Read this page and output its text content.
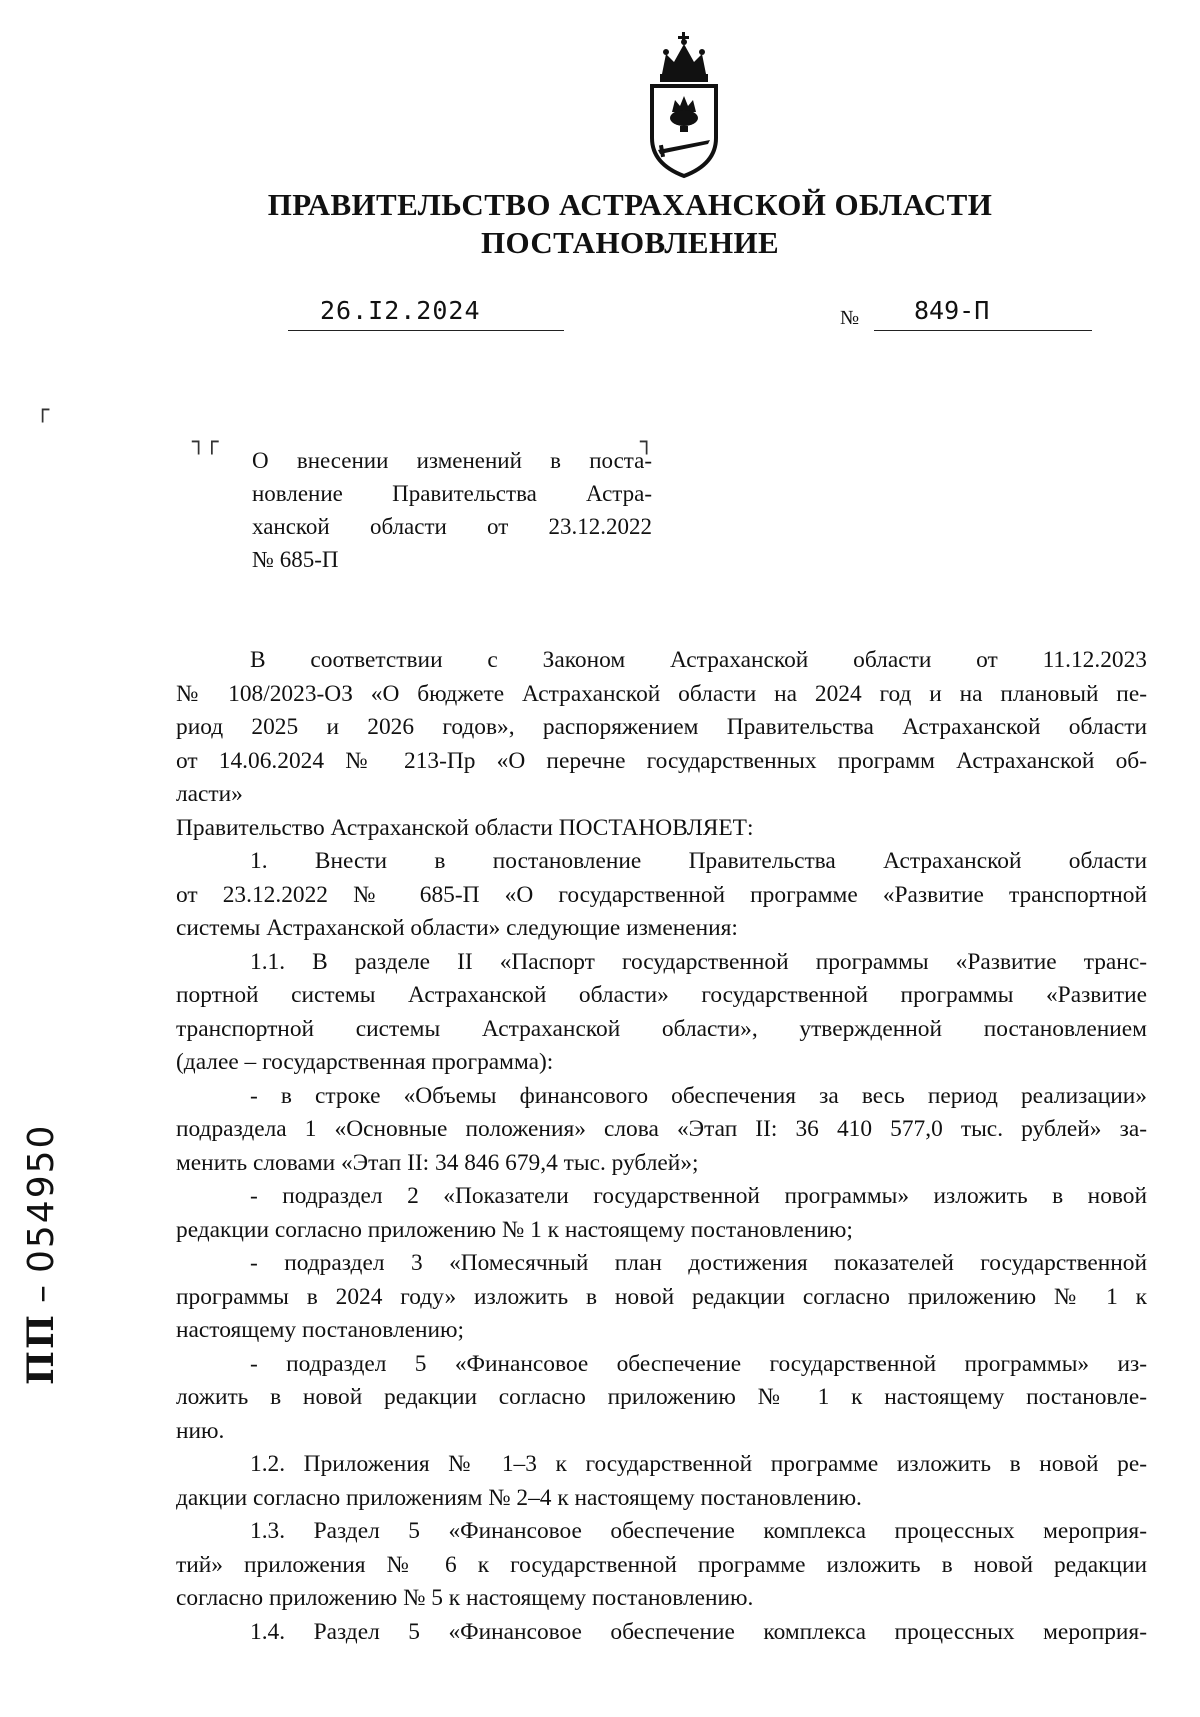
ПРАВИТЕЛЬСТВО АСТРАХАНСКОЙ ОБЛАСТИ
ПОСТАНОВЛЕНИЕ
26.I2.2024	№ 849-П
┌
┐┌	┐
О внесении изменений в поста-
новление Правительства Астра-
ханской области от 23.12.2022
№ 685-П
В соответствии с Законом Астраханской области от 11.12.2023
№ 108/2023-ОЗ «О бюджете Астраханской области на 2024 год и на плановый пе-
риод 2025 и 2026 годов», распоряжением Правительства Астраханской области
от 14.06.2024 № 213-Пр «О перечне государственных программ Астраханской об-
ласти»
Правительство Астраханской области ПОСТАНОВЛЯЕТ:
1. Внести в постановление Правительства Астраханской области
от 23.12.2022 № 685-П «О государственной программе «Развитие транспортной
системы Астраханской области» следующие изменения:
1.1. В разделе II «Паспорт государственной программы «Развитие транс-
портной системы Астраханской области» государственной программы «Развитие
транспортной системы Астраханской области», утвержденной постановлением
(далее – государственная программа):
- в строке «Объемы финансового обеспечения за весь период реализации»
подраздела 1 «Основные положения» слова «Этап II: 36 410 577,0 тыс. рублей» за-
менить словами «Этап II: 34 846 679,4 тыс. рублей»;
- подраздел 2 «Показатели государственной программы» изложить в новой
редакции согласно приложению № 1 к настоящему постановлению;
- подраздел 3 «Помесячный план достижения показателей государственной
программы в 2024 году» изложить в новой редакции согласно приложению № 1 к
настоящему постановлению;
- подраздел 5 «Финансовое обеспечение государственной программы» из-
ложить в новой редакции согласно приложению № 1 к настоящему постановле-
нию.
1.2. Приложения № 1–3 к государственной программе изложить в новой ре-
дакции согласно приложениям № 2–4 к настоящему постановлению.
1.3. Раздел 5 «Финансовое обеспечение комплекса процессных мероприя-
тий» приложения № 6 к государственной программе изложить в новой редакции
согласно приложению № 5 к настоящему постановлению.
1.4. Раздел 5 «Финансовое обеспечение комплекса процессных мероприя-
ПП–054950
